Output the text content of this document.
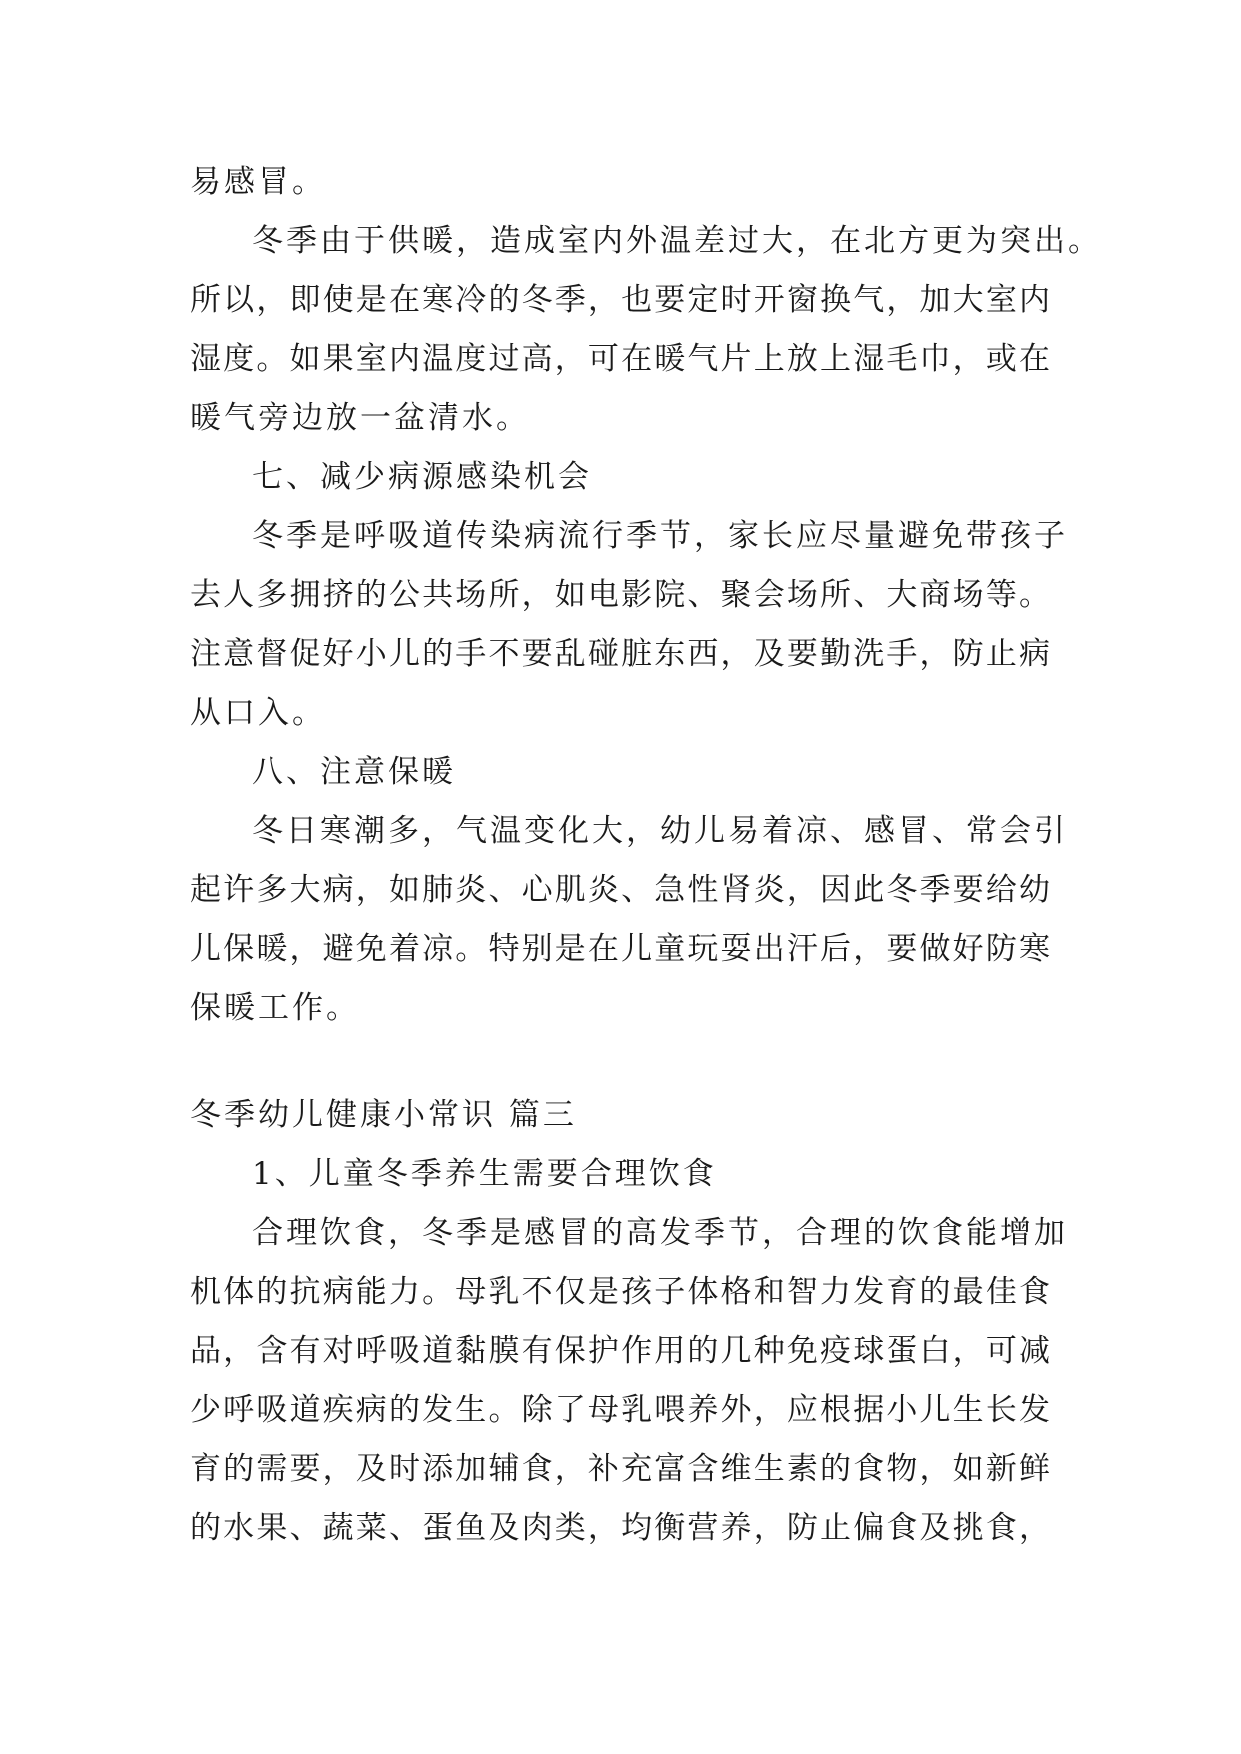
易感冒。
冬季由于供暖，造成室内外温差过大，在北方更为突出。
所以，即使是在寒冷的冬季，也要定时开窗换气，加大室内
湿度。如果室内温度过高，可在暖气片上放上湿毛巾，或在
暖气旁边放一盆清水。
七、减少病源感染机会
冬季是呼吸道传染病流行季节，家长应尽量避免带孩子
去人多拥挤的公共场所，如电影院、聚会场所、大商场等。
注意督促好小儿的手不要乱碰脏东西，及要勤洗手，防止病
从口入。
八、注意保暖
冬日寒潮多，气温变化大，幼儿易着凉、感冒、常会引
起许多大病，如肺炎、心肌炎、急性肾炎，因此冬季要给幼
儿保暖，避免着凉。特别是在儿童玩耍出汗后，要做好防寒
保暖工作。
冬季幼儿健康小常识 篇三
1、儿童冬季养生需要合理饮食
合理饮食，冬季是感冒的高发季节，合理的饮食能增加
机体的抗病能力。母乳不仅是孩子体格和智力发育的最佳食
品，含有对呼吸道黏膜有保护作用的几种免疫球蛋白，可减
少呼吸道疾病的发生。除了母乳喂养外，应根据小儿生长发
育的需要，及时添加辅食，补充富含维生素的食物，如新鲜
的水果、蔬菜、蛋鱼及肉类，均衡营养，防止偏食及挑食，
